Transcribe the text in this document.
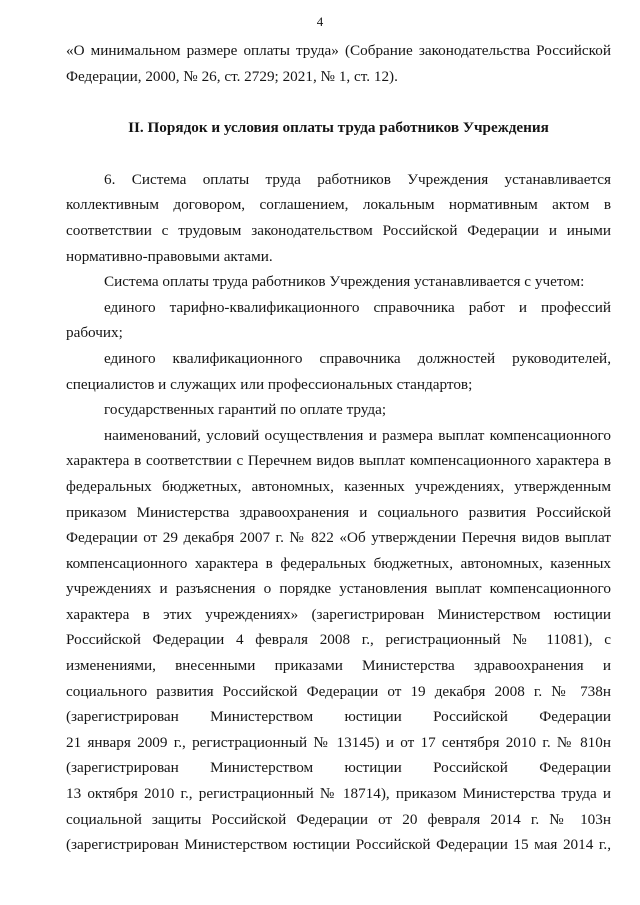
4

«О минимальном размере оплаты труда» (Собрание законодательства Российской

Федерации, 2000, № 26, ст. 2729; 2021, № 1, ст. 12).

II. Порядок и условия оплаты труда работников Учреждения

6. Система оплаты труда работников Учреждения устанавливается

коллективным договором, соглашением, локальным нормативным актом в

соответствии с трудовым законодательством Российской Федерации и иными

нормативно-правовыми актами.

Система оплаты труда работников Учреждения устанавливается с учетом:

единого тарифно-квалификационного справочника работ и профессий

рабочих;

единого квалификационного справочника должностей руководителей,

специалистов и служащих или профессиональных стандартов;

государственных гарантий по оплате труда;

наименований, условий осуществления и размера выплат компенсационного

характера в соответствии с Перечнем видов выплат компенсационного характера в

федеральных бюджетных, автономных, казенных учреждениях, утвержденным

приказом Министерства здравоохранения и социального развития Российской

Федерации от 29 декабря 2007 г. № 822 «Об утверждении Перечня видов выплат

компенсационного характера в федеральных бюджетных, автономных, казенных

учреждениях и разъяснения о порядке установления выплат компенсационного

характера в этих учреждениях» (зарегистрирован Министерством юстиции

Российской Федерации 4 февраля 2008 г., регистрационный № 11081), с

изменениями, внесенными приказами Министерства здравоохранения и

социального развития Российской Федерации от 19 декабря 2008 г. № 738н

(зарегистрирован Министерством юстиции Российской Федерации

21 января 2009 г., регистрационный № 13145) и от 17 сентября 2010 г. № 810н

(зарегистрирован Министерством юстиции Российской Федерации

13 октября 2010 г., регистрационный № 18714), приказом Министерства труда и

социальной защиты Российской Федерации от 20 февраля 2014 г. № 103н

(зарегистрирован Министерством юстиции Российской Федерации 15 мая 2014 г.,
